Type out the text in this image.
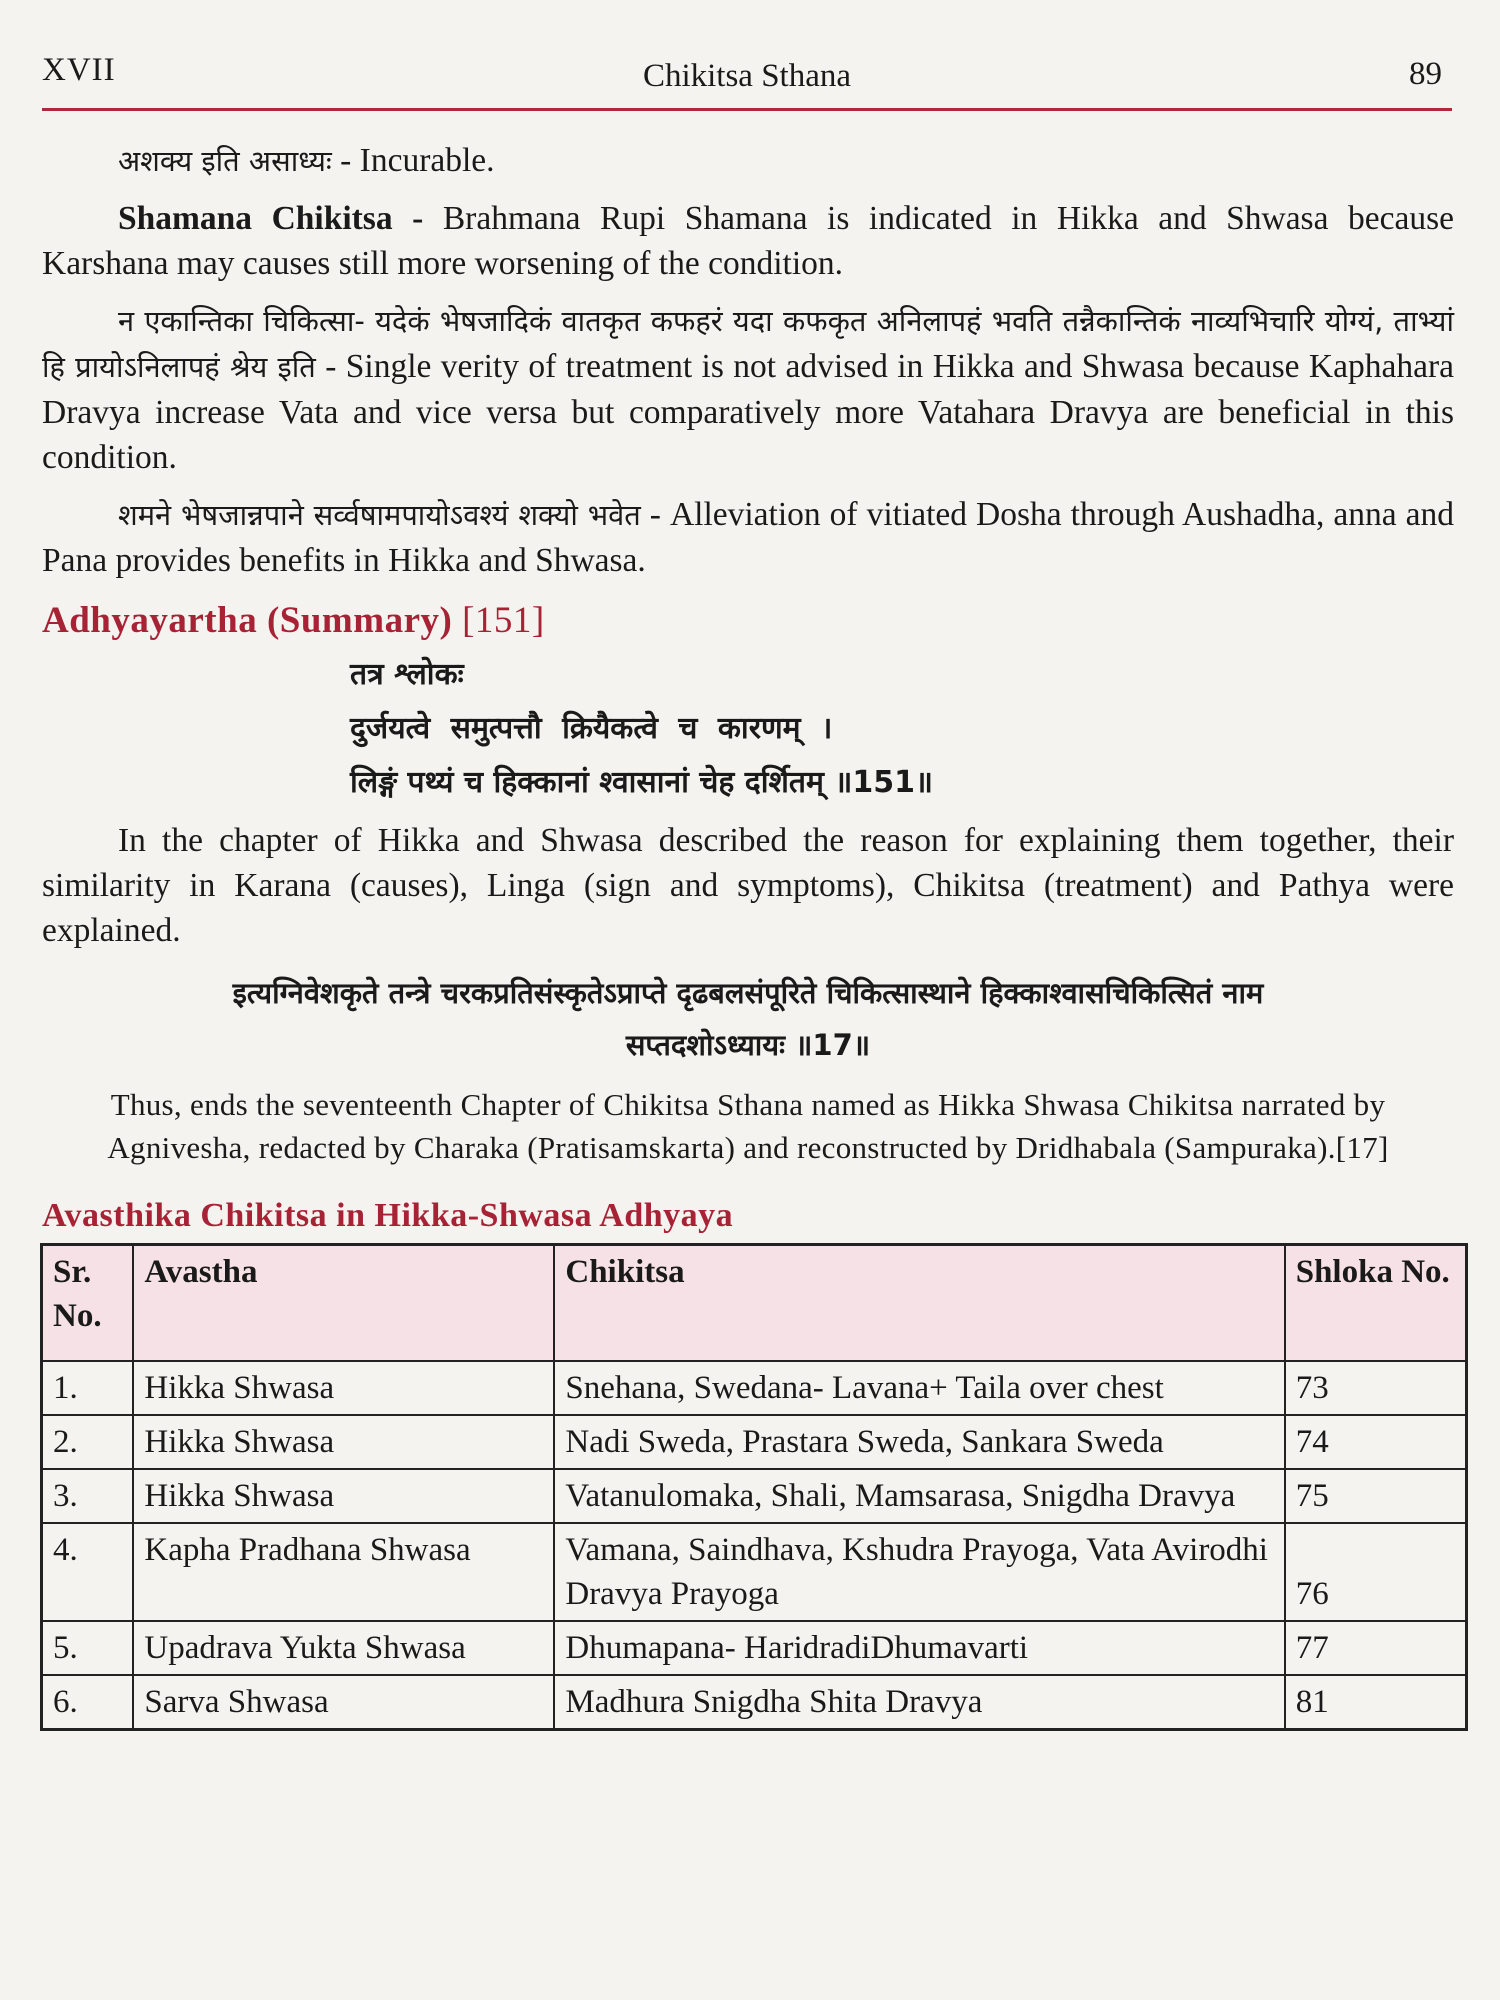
XVII	Chikitsa Sthana	89

अशक्य इति असाध्यः - Incurable.

Shamana Chikitsa - Brahmana Rupi Shamana is indicated in Hikka and Shwasa because Karshana may causes still more worsening of the condition.

न एकान्तिका चिकित्सा- यदेकं भेषजादिकं वातकृत कफहरं यदा कफकृत अनिलापहं भवति तन्नैकान्तिकं नाव्यभिचारि योग्यं, ताभ्यां हि प्रायोऽनिलापहं श्रेय इति - Single verity of treatment is not advised in Hikka and Shwasa because Kaphahara Dravya increase Vata and vice versa but comparatively more Vatahara Dravya are beneficial in this condition.

शमने भेषजान्नपाने सर्व्वषामपायोऽवश्यं शक्यो भवेत - Alleviation of vitiated Dosha through Aushadha, anna and Pana provides benefits in Hikka and Shwasa.

Adhyayartha (Summary) [151]
तत्र श्लोकः
दुर्जयत्वे समुत्पत्तौ क्रियैकत्वे च कारणम् ।
लिङ्गं पथ्यं च हिक्कानां श्वासानां चेह दर्शितम् ॥151॥

In the chapter of Hikka and Shwasa described the reason for explaining them together, their similarity in Karana (causes), Linga (sign and symptoms), Chikitsa (treatment) and Pathya were explained.

इत्यग्निवेशकृते तन्त्रे चरकप्रतिसंस्कृतेऽप्राप्ते दृढबलसंपूरिते चिकित्सास्थाने हिक्काश्वासचिकित्सितं नाम
सप्तदशोऽध्यायः ॥17॥
Thus, ends the seventeenth Chapter of Chikitsa Sthana named as Hikka Shwasa Chikitsa narrated by Agnivesha, redacted by Charaka (Pratisamskarta) and reconstructed by Dridhabala (Sampuraka).[17]
Avasthika Chikitsa in Hikka-Shwasa Adhyaya
Sr. No.	Avastha	Chikitsa	Shloka No.
1.	Hikka Shwasa	Snehana, Swedana- Lavana+ Taila over chest	73
2.	Hikka Shwasa	Nadi Sweda, Prastara Sweda, Sankara Sweda	74
3.	Hikka Shwasa	Vatanulomaka, Shali, Mamsarasa, Snigdha Dravya	75
4.	Kapha Pradhana Shwasa	Vamana, Saindhava, Kshudra Prayoga, Vata Avirodhi Dravya Prayoga	76
5.	Upadrava Yukta Shwasa	Dhumapana- HaridradiDhumavarti	77
6.	Sarva Shwasa	Madhura Snigdha Shita Dravya	81
